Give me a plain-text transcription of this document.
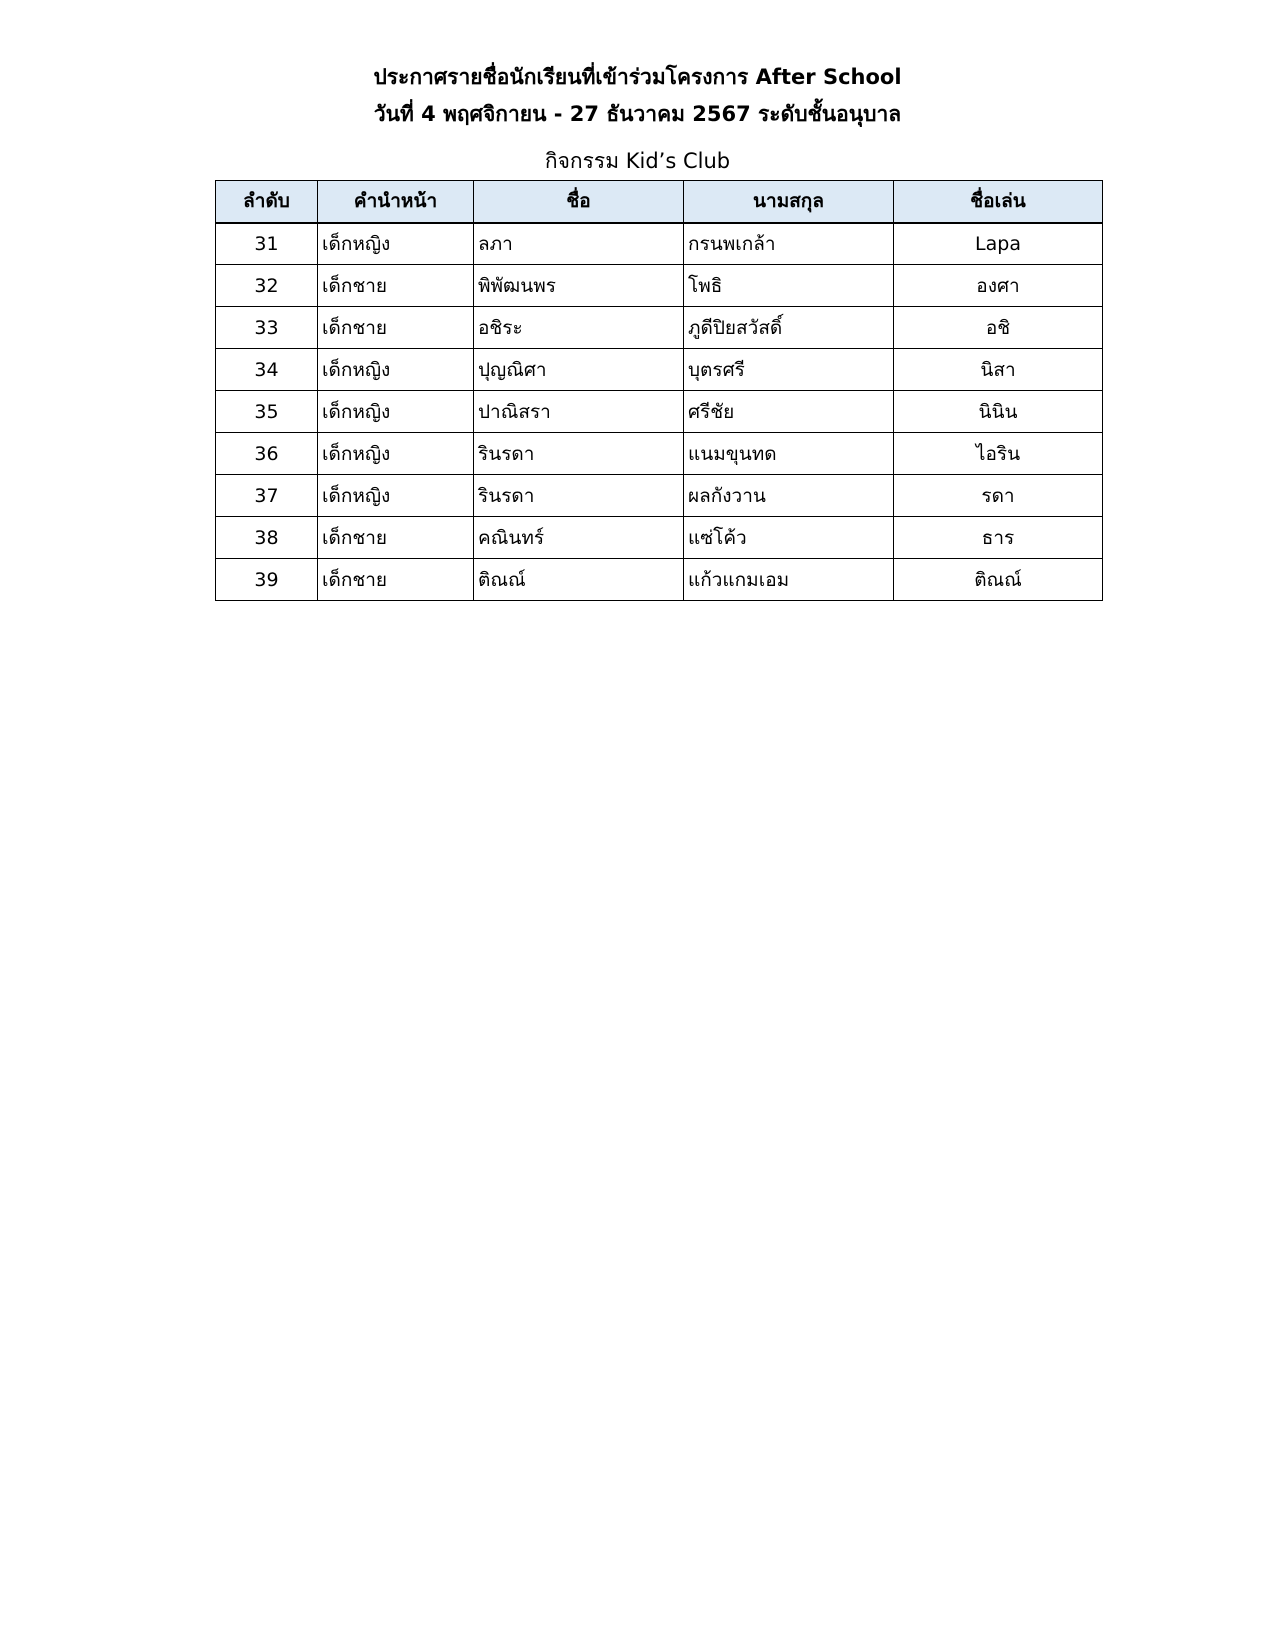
ประกาศรายชื่อนักเรียนที่เข้าร่วมโครงการ After School
วันที่ 4 พฤศจิกายน - 27 ธันวาคม 2567 ระดับชั้นอนุบาล
กิจกรรม Kid’s Club
ลำดับ	คำนำหน้า	ชื่อ	นามสกุล	ชื่อเล่น
31	เด็กหญิง	ลภา	กรนพเกล้า	Lapa
32	เด็กชาย	พิพัฒนพร	โพธิ	องศา
33	เด็กชาย	อชิระ	ภูดีปิยสวัสดิ์	อชิ
34	เด็กหญิง	ปุญณิศา	บุตรศรี	นิสา
35	เด็กหญิง	ปาณิสรา	ศรีชัย	นินิน
36	เด็กหญิง	รินรดา	แนมขุนทด	ไอริน
37	เด็กหญิง	รินรดา	ผลกังวาน	รดา
38	เด็กชาย	คณินทร์	แซ่โค้ว	ธาร
39	เด็กชาย	ติณณ์	แก้วแกมเอม	ติณณ์
